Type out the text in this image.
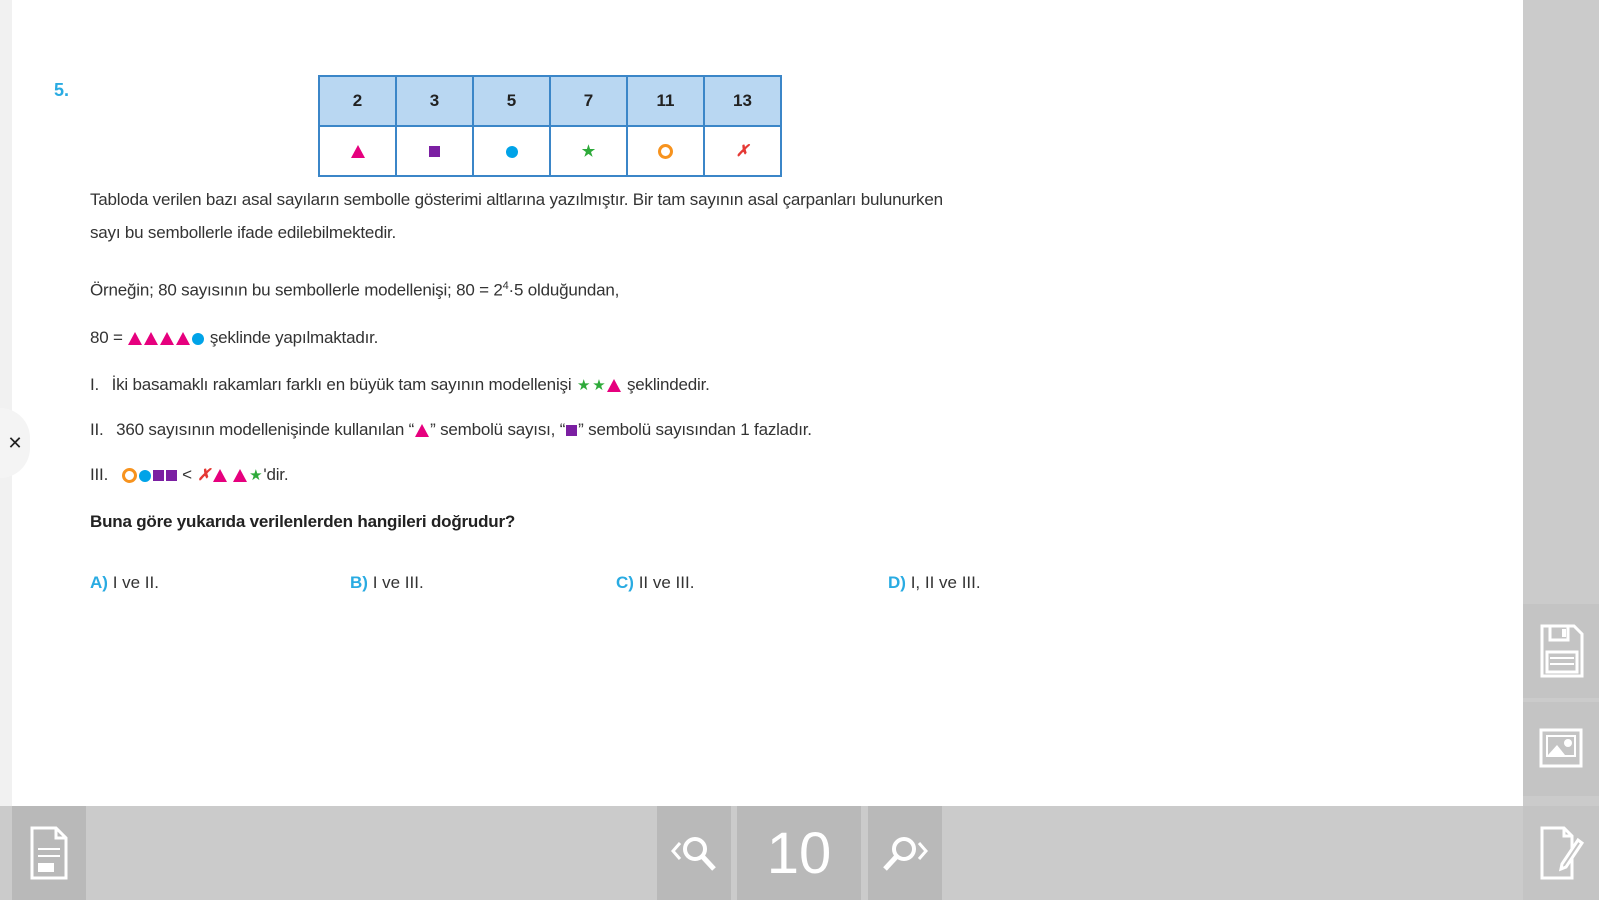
✕
5.
2	3	5	7	11	13
			★		✗
Tabloda verilen bazı asal sayıların sembolle gösterimi altlarına yazılmıştır. Bir tam sayının asal çarpanları bulunurken
sayı bu sembollerle ifade edilebilmektedir.
Örneğin; 80 sayısının bu sembollerle modellenişi; $80 = 2^4\cdot 5$ olduğundan,
80 =	şeklinde yapılmaktadır.
I. İki basamaklı rakamları farklı en büyük tam sayının modellenişi ★ ★ şeklindedir.
II. 360 sayısının modellenişinde kullanılan “ ” sembolü sayısı, “ ” sembolü sayısından 1 fazladır.
III.	< ✗	★'dir.
Buna göre yukarıda verilenlerden hangileri doğrudur?
A) I ve II.	B) I ve III.	C) II ve III.	D) I, II ve III.
10
